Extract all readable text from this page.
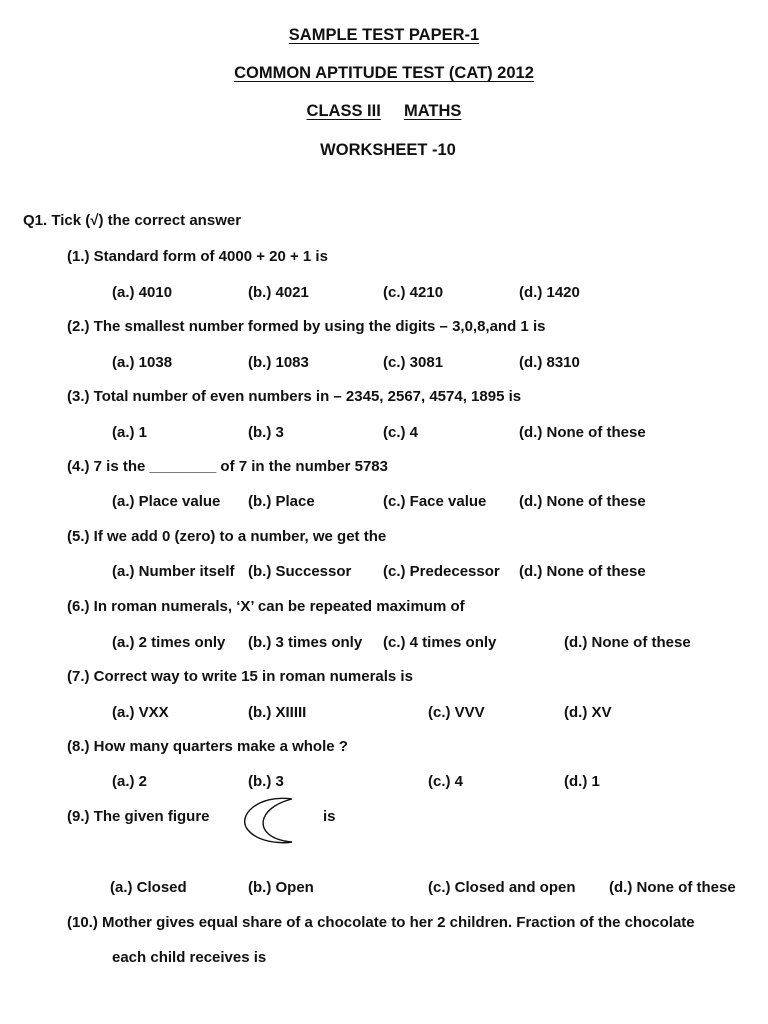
SAMPLE TEST PAPER-1
COMMON APTITUDE TEST (CAT) 2012
CLASS III MATHS
WORKSHEET -10
Q1. Tick (√) the correct answer
(1.) Standard form of 4000 + 20 + 1 is
(a.) 4010	(b.) 4021	(c.) 4210	(d.) 1420
(2.) The smallest number formed by using the digits – 3,0,8,and 1 is
(a.) 1038	(b.) 1083	(c.) 3081	(d.) 8310
(3.) Total number of even numbers in – 2345, 2567, 4574, 1895 is
(a.) 1	(b.) 3	(c.) 4	(d.) None of these
(4.) 7 is the ________ of 7 in the number 5783
(a.) Place value (b.) Place	(c.) Face value (d.) None of these
(5.) If we add 0 (zero) to a number, we get the
(a.) Number itself (b.) Successor (c.) Predecessor (d.) None of these
(6.) In roman numerals, ‘X’ can be repeated maximum of
(a.) 2 times only (b.) 3 times only (c.) 4 times only	(d.) None of these
(7.) Correct way to write 15 in roman numerals is
(a.) VXX	(b.) XIIIII	(c.) VVV	(d.) XV
(8.) How many quarters make a whole ?
(a.) 2	(b.) 3	(c.) 4	(d.) 1
(9.) The given figure	is
(a.) Closed	(b.) Open	(c.) Closed and open (d.) None of these
(10.) Mother gives equal share of a chocolate to her 2 children. Fraction of the chocolate
each child receives is
